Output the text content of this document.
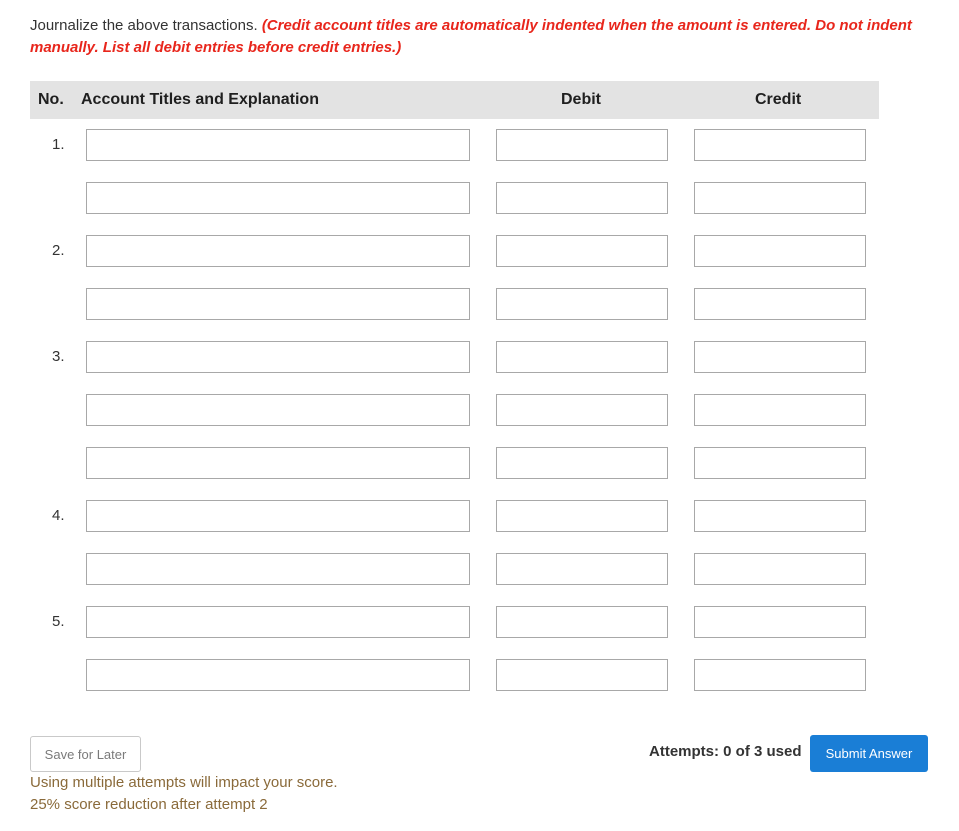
Journalize the above transactions. (Credit account titles are automatically indented when the amount is entered. Do not indent manually. List all debit entries before credit entries.)
No. Account Titles and Explanation	Debit	Credit
1.
2.
3.
4.
5.
Save for Later	Attempts: 0 of 3 used	Submit Answer
Using multiple attempts will impact your score.
25% score reduction after attempt 2
